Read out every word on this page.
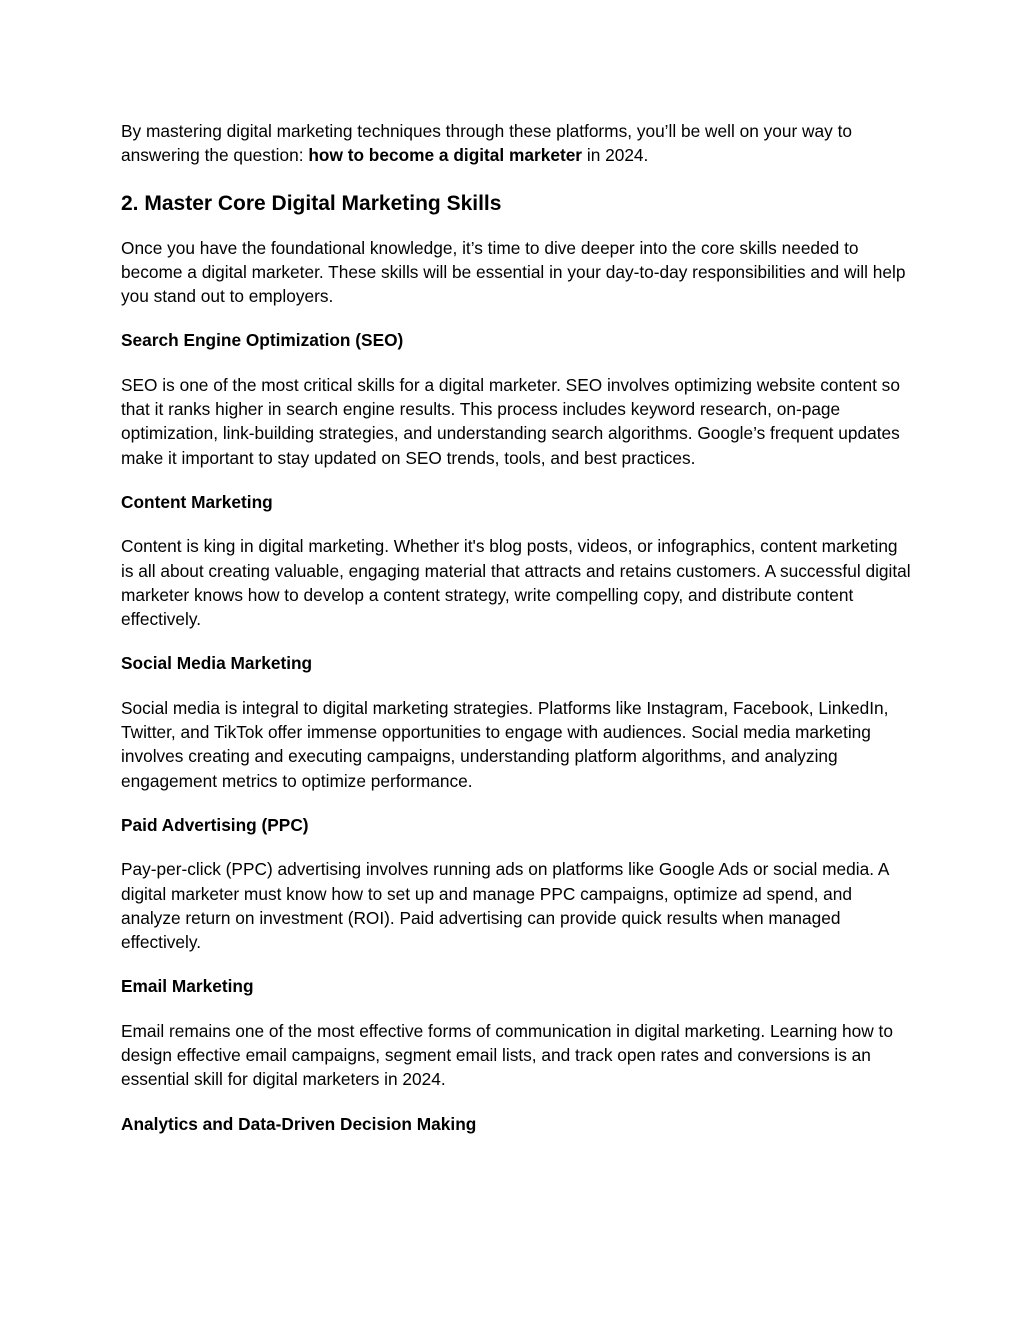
By mastering digital marketing techniques through these platforms, you’ll be well on your way to answering the question: how to become a digital marketer in 2024.

2. Master Core Digital Marketing Skills

Once you have the foundational knowledge, it’s time to dive deeper into the core skills needed to become a digital marketer. These skills will be essential in your day-to-day responsibilities and will help you stand out to employers.

Search Engine Optimization (SEO)

SEO is one of the most critical skills for a digital marketer. SEO involves optimizing website content so that it ranks higher in search engine results. This process includes keyword research, on-page optimization, link-building strategies, and understanding search algorithms. Google’s frequent updates make it important to stay updated on SEO trends, tools, and best practices.

Content Marketing

Content is king in digital marketing. Whether it's blog posts, videos, or infographics, content marketing is all about creating valuable, engaging material that attracts and retains customers. A successful digital marketer knows how to develop a content strategy, write compelling copy, and distribute content effectively.

Social Media Marketing

Social media is integral to digital marketing strategies. Platforms like Instagram, Facebook, LinkedIn, Twitter, and TikTok offer immense opportunities to engage with audiences. Social media marketing involves creating and executing campaigns, understanding platform algorithms, and analyzing engagement metrics to optimize performance.

Paid Advertising (PPC)

Pay-per-click (PPC) advertising involves running ads on platforms like Google Ads or social media. A digital marketer must know how to set up and manage PPC campaigns, optimize ad spend, and analyze return on investment (ROI). Paid advertising can provide quick results when managed effectively.

Email Marketing

Email remains one of the most effective forms of communication in digital marketing. Learning how to design effective email campaigns, segment email lists, and track open rates and conversions is an essential skill for digital marketers in 2024.

Analytics and Data-Driven Decision Making
